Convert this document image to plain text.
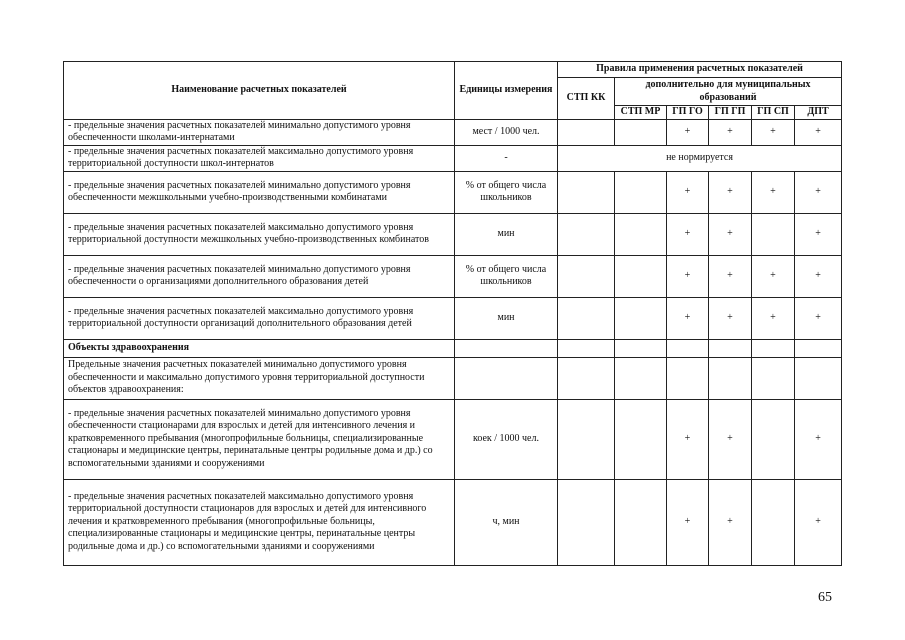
Наименование расчетных показателей	Единицы измерения	Правила применения расчетных показателей					
		СТП КК	дополнительно для муниципальных образований				
			СТП МР	ГП ГО	ГП ГП	ГП СП	ДПТ
- предельные значения расчетных показателей минимально допустимого уровня обеспеченности школами-интернатами	мест / 1000 чел.			+	+	+	+
- предельные значения расчетных показателей максимально допустимого уровня территориальной доступности школ-интернатов	-	не нормируется					
- предельные значения расчетных показателей минимально допустимого уровня обеспеченности межшкольными учебно-производственными комбинатами	% от общего числа школьников			+	+	+	+
- предельные значения расчетных показателей максимально допустимого уровня территориальной доступности межшкольных учебно-производственных комбинатов	мин			+	+		+
- предельные значения расчетных показателей минимально допустимого уровня обеспеченности о организациями дополнительного образования детей	% от общего числа школьников			+	+	+	+
- предельные значения расчетных показателей максимально допустимого уровня территориальной доступности организаций дополнительного образования детей	мин			+	+	+	+
Объекты здравоохранения							
Предельные значения расчетных показателей минимально допустимого уровня обеспеченности и максимально допустимого уровня территориальной доступности объектов здравоохранения:							
- предельные значения расчетных показателей минимально допустимого уровня обеспеченности стационарами для взрослых и детей для интенсивного лечения и кратковременного пребывания (многопрофильные больницы, специализированные стационары и медицинские центры, перинатальные центры родильные дома и др.) со вспомогательными зданиями и сооружениями	коек / 1000 чел.			+	+		+
- предельные значения расчетных показателей максимально допустимого уровня территориальной доступности стационаров для взрослых и детей для интенсивного лечения и кратковременного пребывания (многопрофильные больницы, специализированные стационары и медицинские центры, перинатальные центры родильные дома и др.) со вспомогательными зданиями и сооружениями	ч, мин			+	+		+
65
